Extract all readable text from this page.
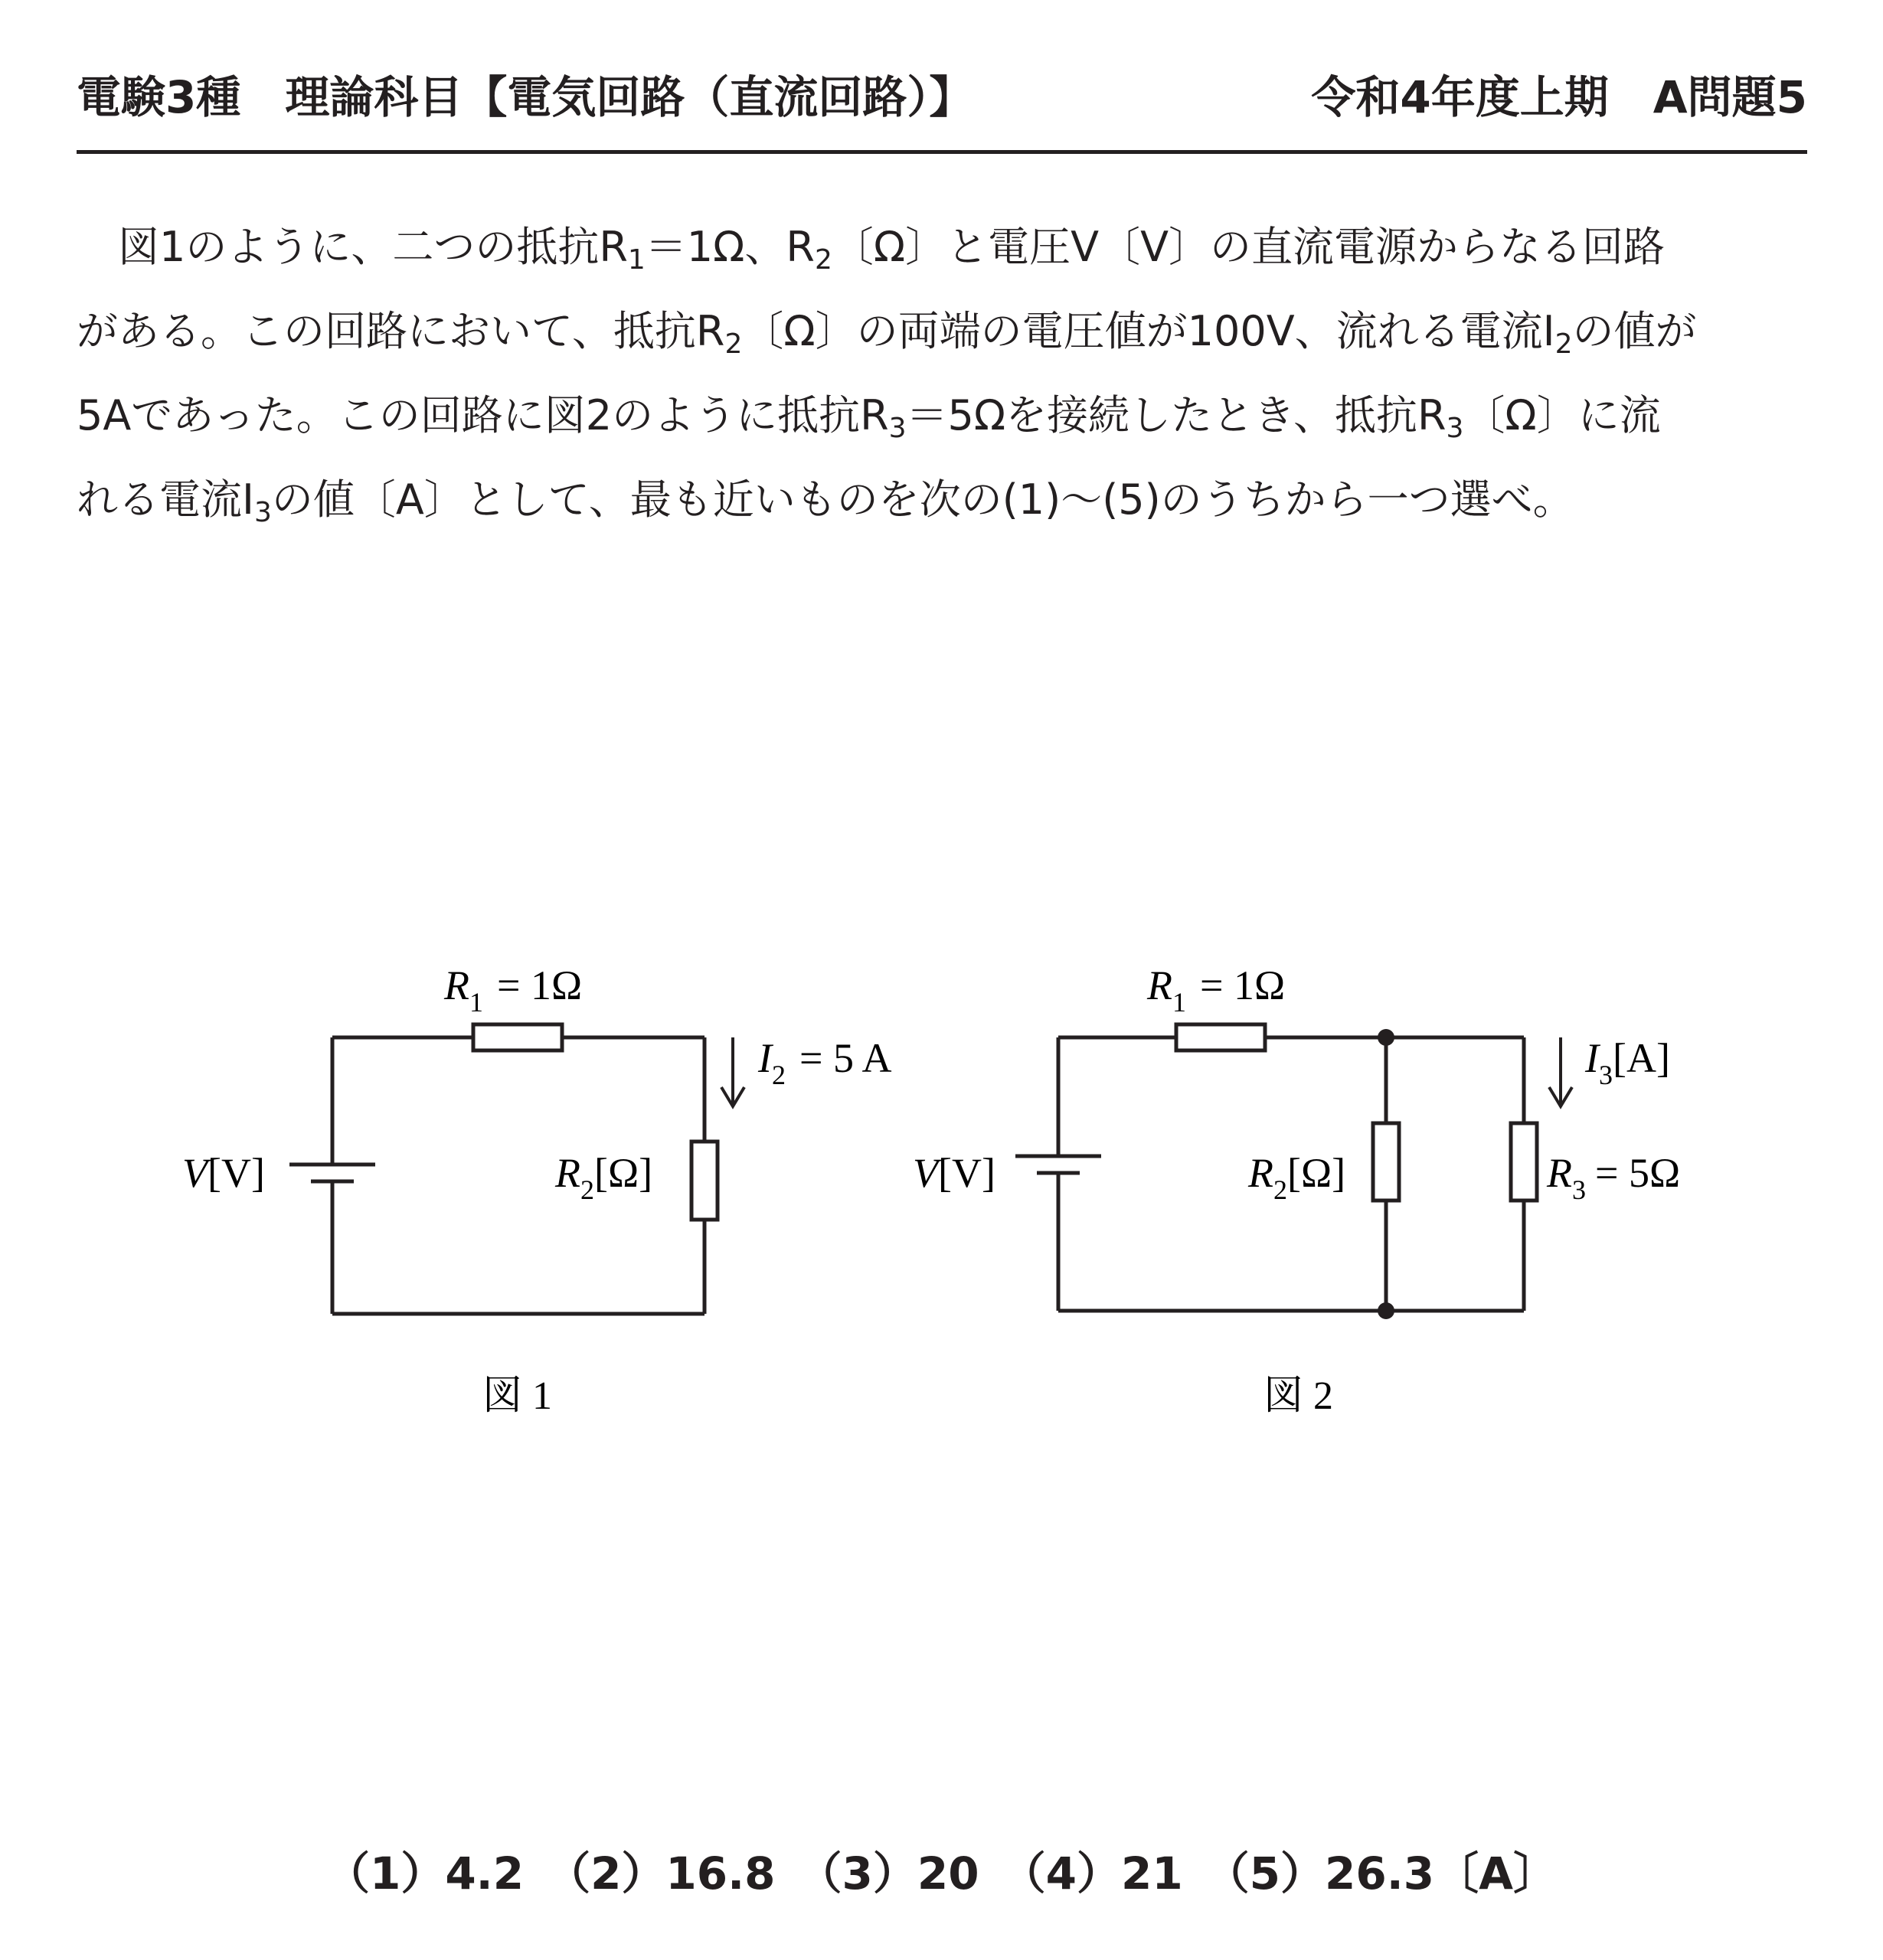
電験3種　理論科目【電気回路（直流回路）】	令和4年度上期　A問題5
　図1のように、二つの抵抗$R_1=1\Omega$、$R_2$〔Ω〕と電圧V〔V〕の直流電源からなる回路
がある。この回路において、抵抗$R_2$〔Ω〕の両端の電圧値が100V、流れる電流$I_2$の値が
5Aであった。この回路に図2のように抵抗$R_3=5\Omega$を接続したとき、抵抗$R_3$〔Ω〕に流
れる電流$I_3$の値〔A〕として、最も近いものを次の(1)～(5)のうちから一つ選べ。
$R_1 = 1\Omega$
$I_2 = 5$ A
V[V]	$R_2[\Omega]$
図 1
$R_1 = 1\Omega$
$I_3[A]$
V[V]	$R_2[\Omega]$	$R_3 = 5\Omega$
図 2
（1）4.2　（2）16.8　（3）20　（4）21　（5）26.3〔A〕
